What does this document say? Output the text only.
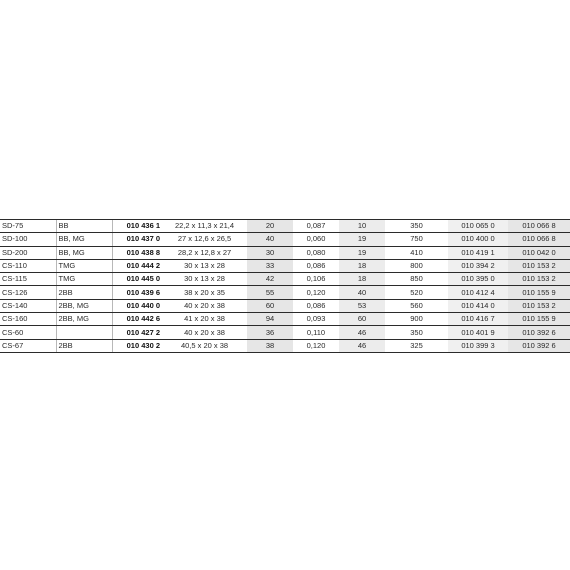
SD-75	BB	010 436 1	22,2 x 11,3 x 21,4	20	0,087	10	350	010 065 0	010 066 8
SD-100	BB, MG	010 437 0	27 x 12,6 x 26,5	40	0,060	19	750	010 400 0	010 066 8
SD-200	BB, MG	010 438 8	28,2 x 12,8 x 27	30	0,080	19	410	010 419 1	010 042 0
CS-110	TMG	010 444 2	30 x 13 x 28	33	0,086	18	800	010 394 2	010 153 2
CS-115	TMG	010 445 0	30 x 13 x 28	42	0,106	18	850	010 395 0	010 153 2
CS-126	2BB	010 439 6	38 x 20 x 35	55	0,120	40	520	010 412 4	010 155 9
CS-140	2BB, MG	010 440 0	40 x 20 x 38	60	0,086	53	560	010 414 0	010 153 2
CS-160	2BB, MG	010 442 6	41 x 20 x 38	94	0,093	60	900	010 416 7	010 155 9
CS-60		010 427 2	40 x 20 x 38	36	0,110	46	350	010 401 9	010 392 6
CS-67	2BB	010 430 2	40,5 x 20 x 38	38	0,120	46	325	010 399 3	010 392 6
